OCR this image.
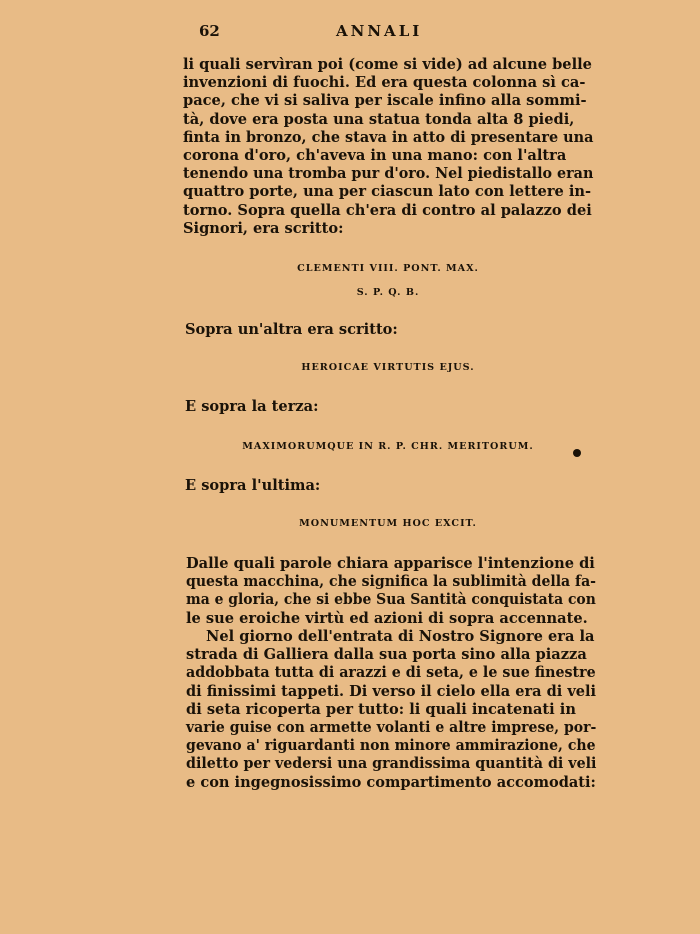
62	ANNALI
li quali servìran poi (come si vide) ad alcune belle
invenzioni di fuochi. Ed era questa colonna sì ca-
pace, che vi si saliva per iscale infino alla sommi-
tà, dove era posta una statua tonda alta 8 piedi,
finta in bronzo, che stava in atto di presentare una
corona d'oro, ch'aveva in una mano: con l'altra
tenendo una tromba pur d'oro. Nel piedistallo eran
quattro porte, una per ciascun lato con lettere in-
torno. Sopra quella ch'era di contro al palazzo dei
Signori, era scritto:
CLEMENTI VIII. PONT. MAX.
S. P. Q. B.
Sopra un'altra era scritto:
HEROICAE VIRTUTIS EJUS.
E sopra la terza:
MAXIMORUMQUE IN R. P. CHR. MERITORUM.
E sopra l'ultima:
MONUMENTUM HOC EXCIT.
Dalle quali parole chiara apparisce l'intenzione di
questa macchina, che significa la sublimità della fa-
ma e gloria, che si ebbe Sua Santità conquistata con
le sue eroiche virtù ed azioni di sopra accennate.
Nel giorno dell'entrata di Nostro Signore era la
strada di Galliera dalla sua porta sino alla piazza
addobbata tutta di arazzi e di seta, e le sue finestre
di finissimi tappeti. Di verso il cielo ella era di veli
di seta ricoperta per tutto: li quali incatenati in
varie guise con armette volanti e altre imprese, por-
gevano a' riguardanti non minore ammirazione, che
diletto per vedersi una grandissima quantità di veli
e con ingegnosissimo compartimento accomodati:
